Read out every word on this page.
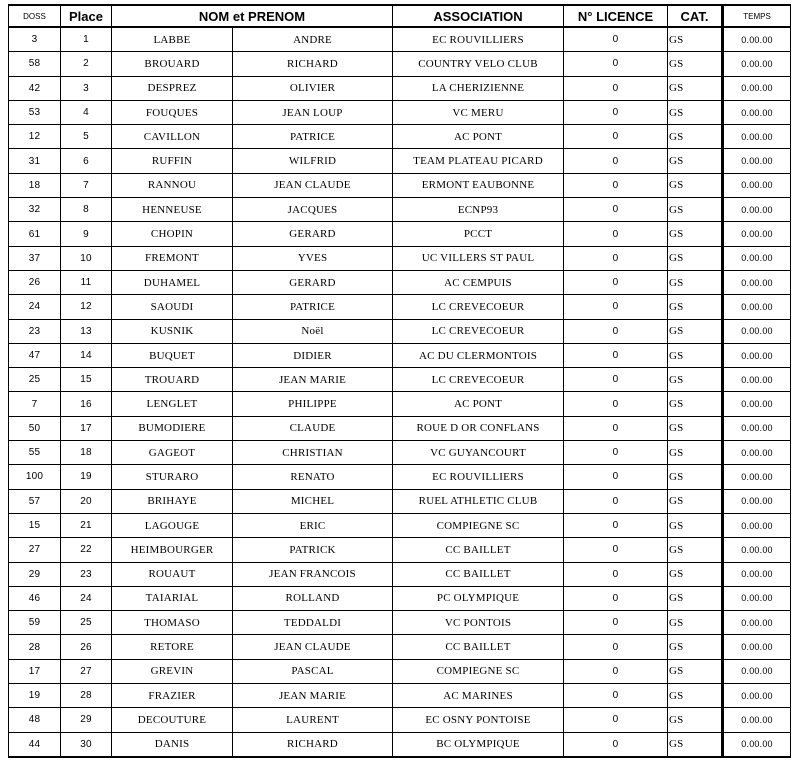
DOSS	Place	NOM et PRENOM		ASSOCIATION	N° LICENCE	CAT.	TEMPS
3	1	LABBE	ANDRE	EC ROUVILLIERS	0	GS	0.00.00
58	2	BROUARD	RICHARD	COUNTRY VELO CLUB	0	GS	0.00.00
42	3	DESPREZ	OLIVIER	LA CHERIZIENNE	0	GS	0.00.00
53	4	FOUQUES	JEAN LOUP	VC MERU	0	GS	0.00.00
12	5	CAVILLON	PATRICE	AC PONT	0	GS	0.00.00
31	6	RUFFIN	WILFRID	TEAM PLATEAU PICARD	0	GS	0.00.00
18	7	RANNOU	JEAN CLAUDE	ERMONT EAUBONNE	0	GS	0.00.00
32	8	HENNEUSE	JACQUES	ECNP93	0	GS	0.00.00
61	9	CHOPIN	GERARD	PCCT	0	GS	0.00.00
37	10	FREMONT	YVES	UC VILLERS ST PAUL	0	GS	0.00.00
26	11	DUHAMEL	GERARD	AC CEMPUIS	0	GS	0.00.00
24	12	SAOUDI	PATRICE	LC CREVECOEUR	0	GS	0.00.00
23	13	KUSNIK	Noël	LC CREVECOEUR	0	GS	0.00.00
47	14	BUQUET	DIDIER	AC DU CLERMONTOIS	0	GS	0.00.00
25	15	TROUARD	JEAN MARIE	LC CREVECOEUR	0	GS	0.00.00
7	16	LENGLET	PHILIPPE	AC PONT	0	GS	0.00.00
50	17	BUMODIERE	CLAUDE	ROUE D OR CONFLANS	0	GS	0.00.00
55	18	GAGEOT	CHRISTIAN	VC GUYANCOURT	0	GS	0.00.00
100	19	STURARO	RENATO	EC ROUVILLIERS	0	GS	0.00.00
57	20	BRIHAYE	MICHEL	RUEL ATHLETIC CLUB	0	GS	0.00.00
15	21	LAGOUGE	ERIC	COMPIEGNE SC	0	GS	0.00.00
27	22	HEIMBOURGER	PATRICK	CC BAILLET	0	GS	0.00.00
29	23	ROUAUT	JEAN FRANCOIS	CC BAILLET	0	GS	0.00.00
46	24	TAIARIAL	ROLLAND	PC OLYMPIQUE	0	GS	0.00.00
59	25	THOMASO	TEDDALDI	VC PONTOIS	0	GS	0.00.00
28	26	RETORE	JEAN CLAUDE	CC BAILLET	0	GS	0.00.00
17	27	GREVIN	PASCAL	COMPIEGNE SC	0	GS	0.00.00
19	28	FRAZIER	JEAN MARIE	AC MARINES	0	GS	0.00.00
48	29	DECOUTURE	LAURENT	EC OSNY PONTOISE	0	GS	0.00.00
44	30	DANIS	RICHARD	BC OLYMPIQUE	0	GS	0.00.00
